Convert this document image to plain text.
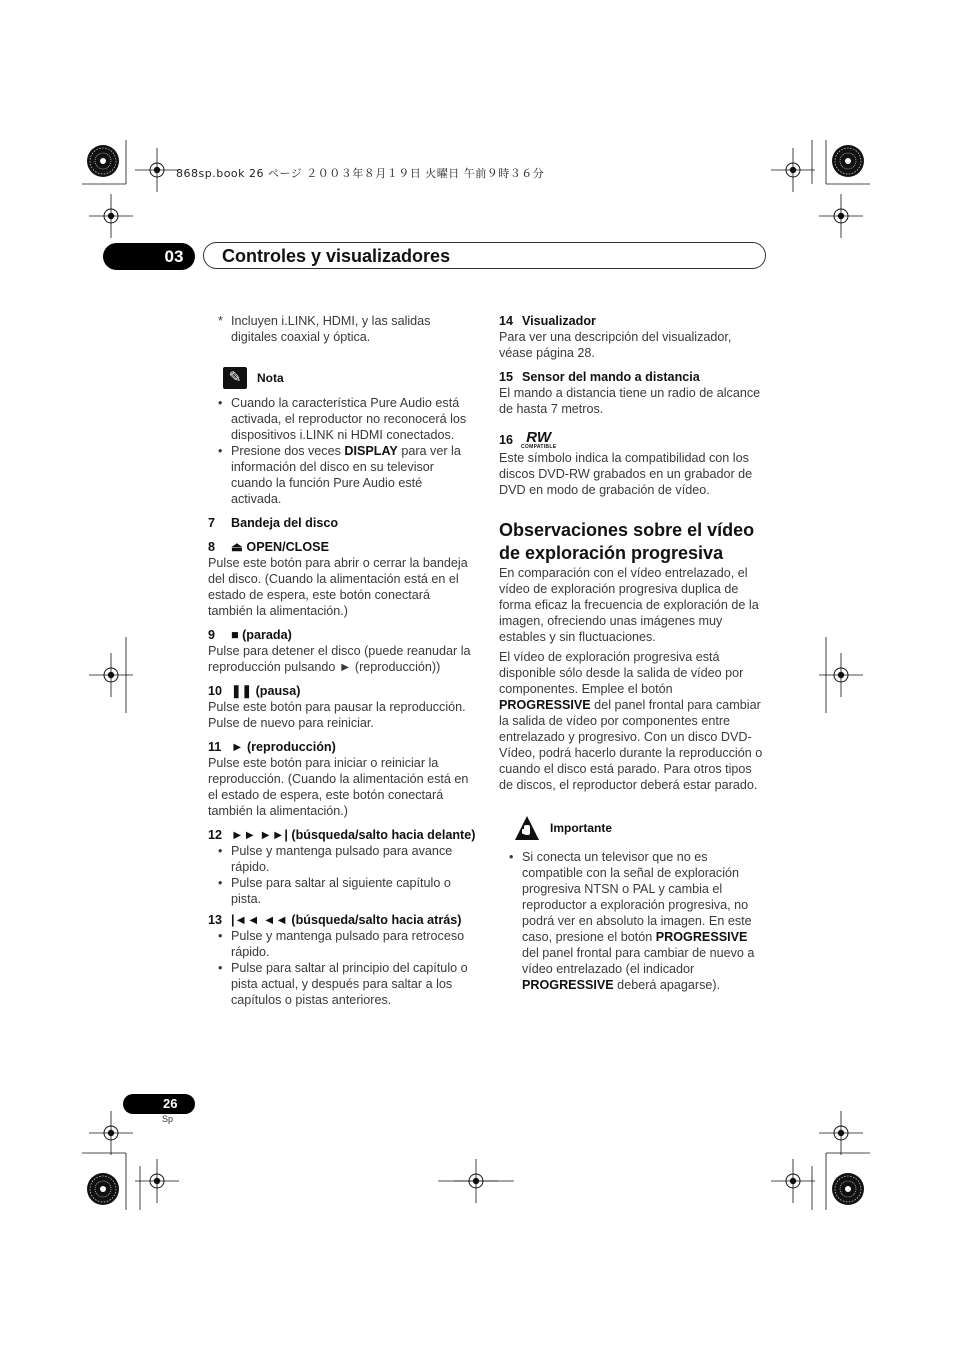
868sp.book 26 ページ ２００３年８月１９日 火曜日 午前９時３６分
03	Controles y visualizadores

* Incluyen i.LINK, HDMI, y las salidas digitales coaxial y óptica.

✎ Nota

• Cuando la característica Pure Audio está activada, el reproductor no reconocerá los dispositivos i.LINK ni HDMI conectados.

• Presione dos veces DISPLAY para ver la información del disco en su televisor cuando la función Pure Audio esté activada.

7 Bandeja del disco

8 ⏏ OPEN/CLOSE

Pulse este botón para abrir o cerrar la bandeja del disco. (Cuando la alimentación está en el estado de espera, este botón conectará también la alimentación.)

9 ■ (parada)

Pulse para detener el disco (puede reanudar la reproducción pulsando ► (reproducción))

10 ❚❚ (pausa)

Pulse este botón para pausar la reproducción. Pulse de nuevo para reiniciar.

11 ► (reproducción)

Pulse este botón para iniciar o reiniciar la reproducción. (Cuando la alimentación está en el estado de espera, este botón conectará también la alimentación.)

12 ►► ►►| (búsqueda/salto hacia delante)

• Pulse y mantenga pulsado para avance rápido.

• Pulse para saltar al siguiente capítulo o pista.

13 |◄◄ ◄◄ (búsqueda/salto hacia atrás)

• Pulse y mantenga pulsado para retroceso rápido.

• Pulse para saltar al principio del capítulo o pista actual, y después para saltar a los capítulos o pistas anteriores.

14 Visualizador

Para ver una descripción del visualizador, véase página 28.

15 Sensor del mando a distancia

El mando a distancia tiene un radio de alcance de hasta 7 metros.

16 RW
COMPATIBLE

Este símbolo indica la compatibilidad con los discos DVD-RW grabados en un grabador de DVD en modo de grabación de vídeo.

Observaciones sobre el vídeo de exploración progresiva

En comparación con el vídeo entrelazado, el vídeo de exploración progresiva duplica de forma eficaz la frecuencia de exploración de la imagen, ofreciendo unas imágenes muy estables y sin fluctuaciones.

El vídeo de exploración progresiva está disponible sólo desde la salida de vídeo por componentes. Emplee el botón PROGRESSIVE del panel frontal para cambiar la salida de vídeo por componentes entre entrelazado y progresivo. Con un disco DVD-Vídeo, podrá hacerlo durante la reproducción o cuando el disco está parado. Para otros tipos de discos, el reproductor deberá estar parado.

Importante

• Si conecta un televisor que no es compatible con la señal de exploración progresiva NTSN o PAL y cambia el reproductor a exploración progresiva, no podrá ver en absoluto la imagen. En este caso, presione el botón PROGRESSIVE del panel frontal para cambiar de nuevo a vídeo entrelazado (el indicador PROGRESSIVE deberá apagarse).

26
Sp
